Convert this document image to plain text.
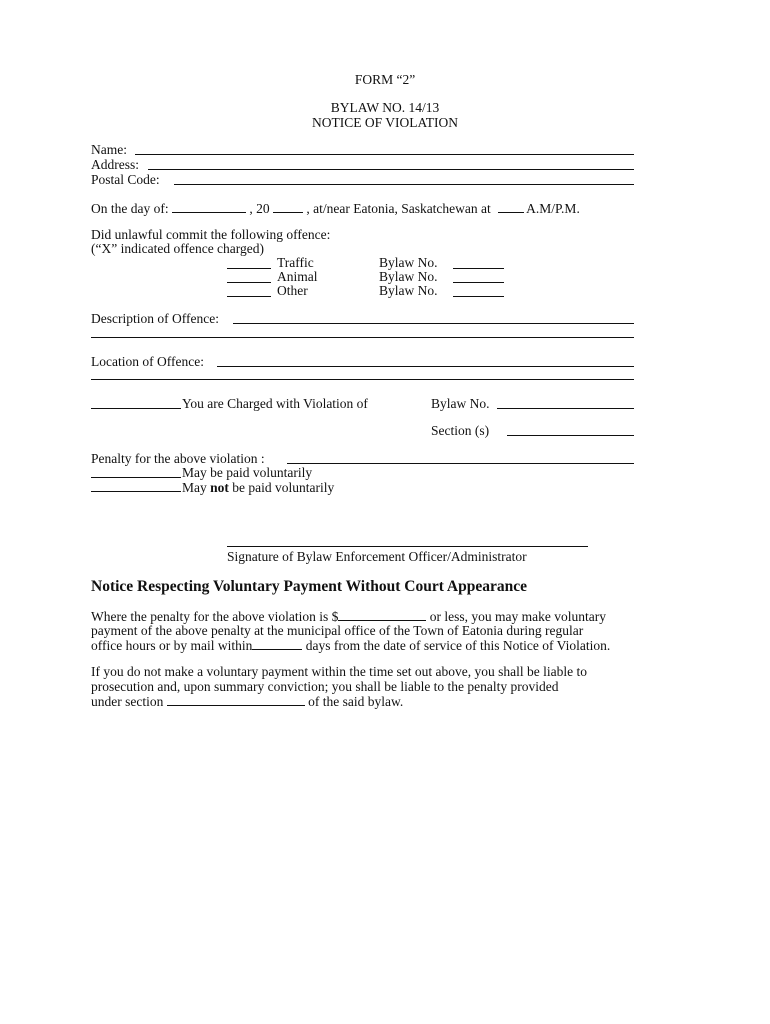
FORM “2”
BYLAW NO. 14/13
NOTICE OF VIOLATION
Name:
Address:
Postal Code:
On the day of:	, 20	, at/near Eatonia, Saskatchewan at	A.M/P.M.
Did unlawful commit the following offence:
(“X” indicated offence charged)
Traffic	Bylaw No.
Animal	Bylaw No.
Other	Bylaw No.
Description of Offence:
Location of Offence:
You are Charged with Violation of	Bylaw No.
Section (s)
Penalty for the above violation :
May be paid voluntarily
May not be paid voluntarily
Signature of Bylaw Enforcement Officer/Administrator
Notice Respecting Voluntary Payment Without Court Appearance
Where the penalty for the above violation is $	or less, you may make voluntary
payment of the above penalty at the municipal office of the Town of Eatonia during regular
office hours or by mail within	days from the date of service of this Notice of Violation.
If you do not make a voluntary payment within the time set out above, you shall be liable to
prosecution and, upon summary conviction; you shall be liable to the penalty provided
under section	of the said bylaw.
